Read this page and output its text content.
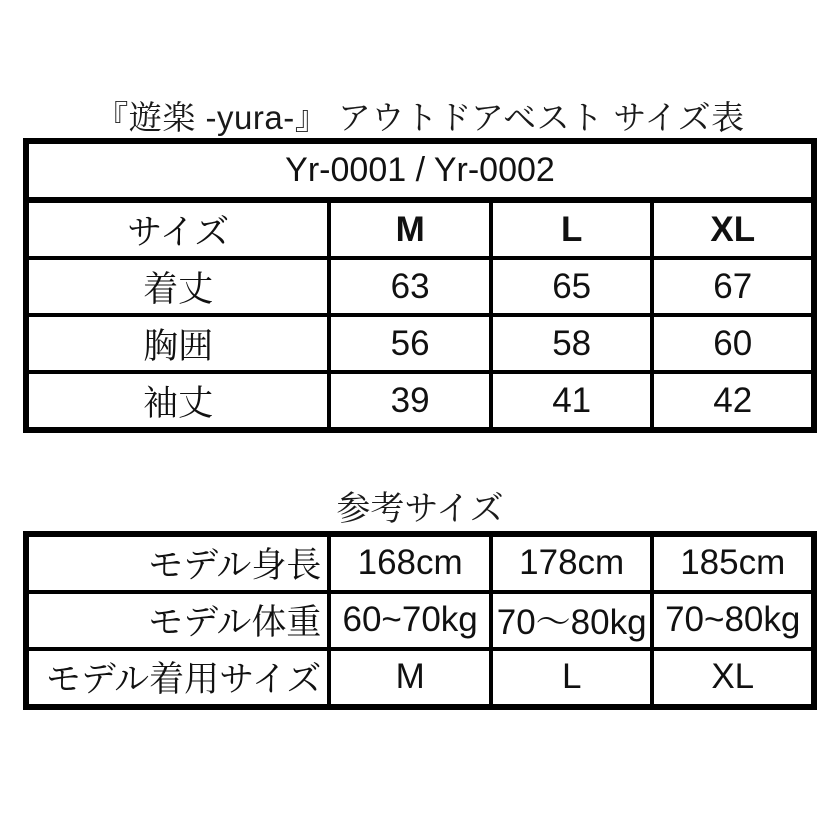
『遊楽 -yura-』 アウトドアベスト サイズ表
Yr-0001 / Yr-0002			
サイズ	M	L	XL
着丈	63	65	67
胸囲	56	58	60
袖丈	39	41	42
参考サイズ
モデル身長	168cm	178cm	185cm
モデル体重	60~70kg	70〜80kg	70~80kg
モデル着用サイズ	M	L	XL
